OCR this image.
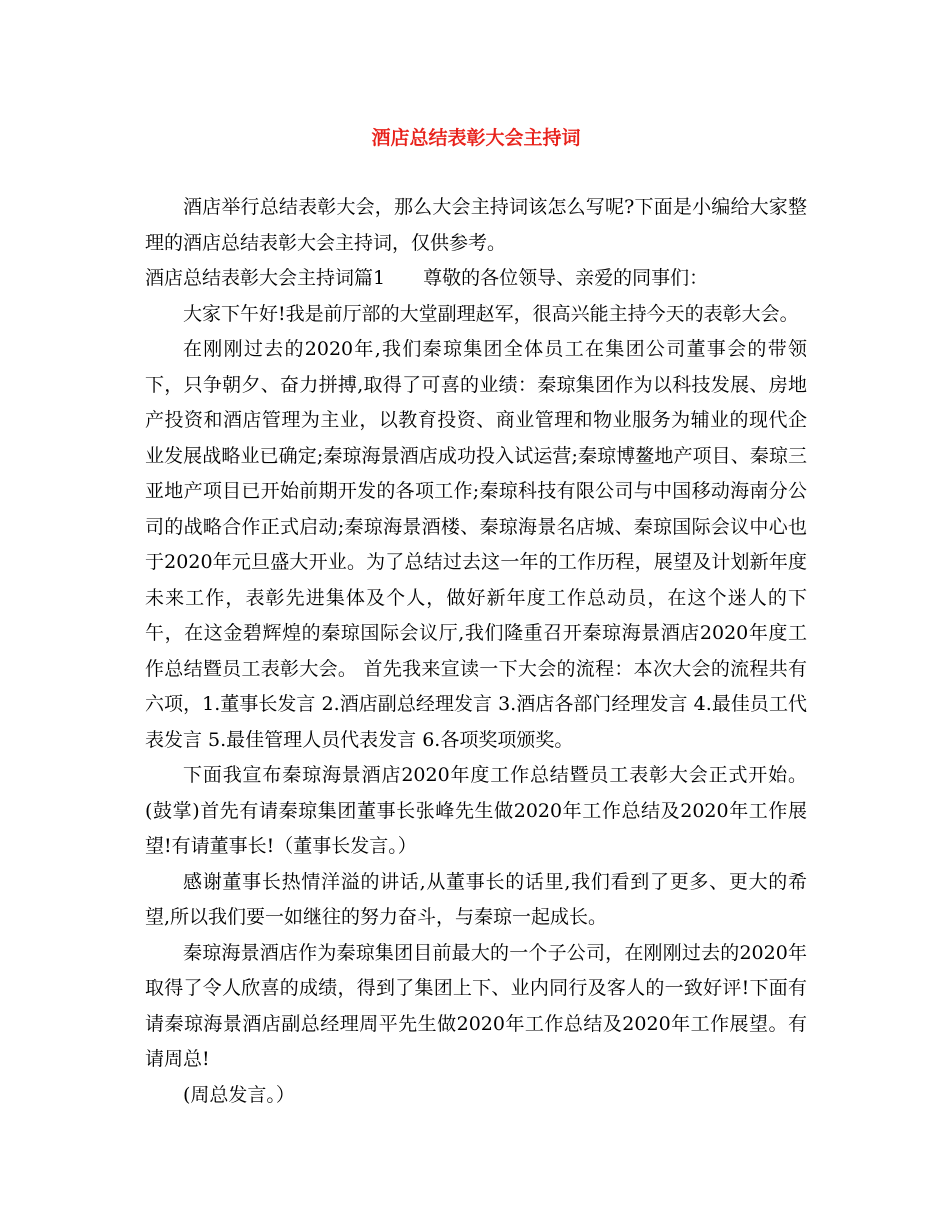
酒店总结表彰大会主持词

酒店举行总结表彰大会，那么大会主持词该怎么写呢?下面是小编给大家整理的酒店总结表彰大会主持词，仅供参考。

酒店总结表彰大会主持词篇1　　尊敬的各位领导、亲爱的同事们：

大家下午好!我是前厅部的大堂副理赵军，很高兴能主持今天的表彰大会。

在刚刚过去的2020年,我们秦琼集团全体员工在集团公司董事会的带领下，只争朝夕、奋力拼搏,取得了可喜的业绩：秦琼集团作为以科技发展、房地产投资和酒店管理为主业，以教育投资、商业管理和物业服务为辅业的现代企业发展战略业已确定;秦琼海景酒店成功投入试运营;秦琼博鳌地产项目、秦琼三亚地产项目已开始前期开发的各项工作;秦琼科技有限公司与中国移动海南分公司的战略合作正式启动;秦琼海景酒楼、秦琼海景名店城、秦琼国际会议中心也于2020年元旦盛大开业。为了总结过去这一年的工作历程，展望及计划新年度未来工作，表彰先进集体及个人，做好新年度工作总动员，在这个迷人的下午，在这金碧辉煌的秦琼国际会议厅,我们隆重召开秦琼海景酒店2020年度工作总结暨员工表彰大会。 首先我来宣读一下大会的流程：本次大会的流程共有六项，1.董事长发言 2.酒店副总经理发言 3.酒店各部门经理发言 4.最佳员工代表发言 5.最佳管理人员代表发言 6.各项奖项颁奖。

下面我宣布秦琼海景酒店2020年度工作总结暨员工表彰大会正式开始。(鼓掌)首先有请秦琼集团董事长张峰先生做2020年工作总结及2020年工作展望!有请董事长!（董事长发言。）

感谢董事长热情洋溢的讲话,从董事长的话里,我们看到了更多、更大的希望,所以我们要一如继往的努力奋斗，与秦琼一起成长。

秦琼海景酒店作为秦琼集团目前最大的一个子公司，在刚刚过去的2020年取得了令人欣喜的成绩，得到了集团上下、业内同行及客人的一致好评!下面有请秦琼海景酒店副总经理周平先生做2020年工作总结及2020年工作展望。有请周总!

(周总发言。）
